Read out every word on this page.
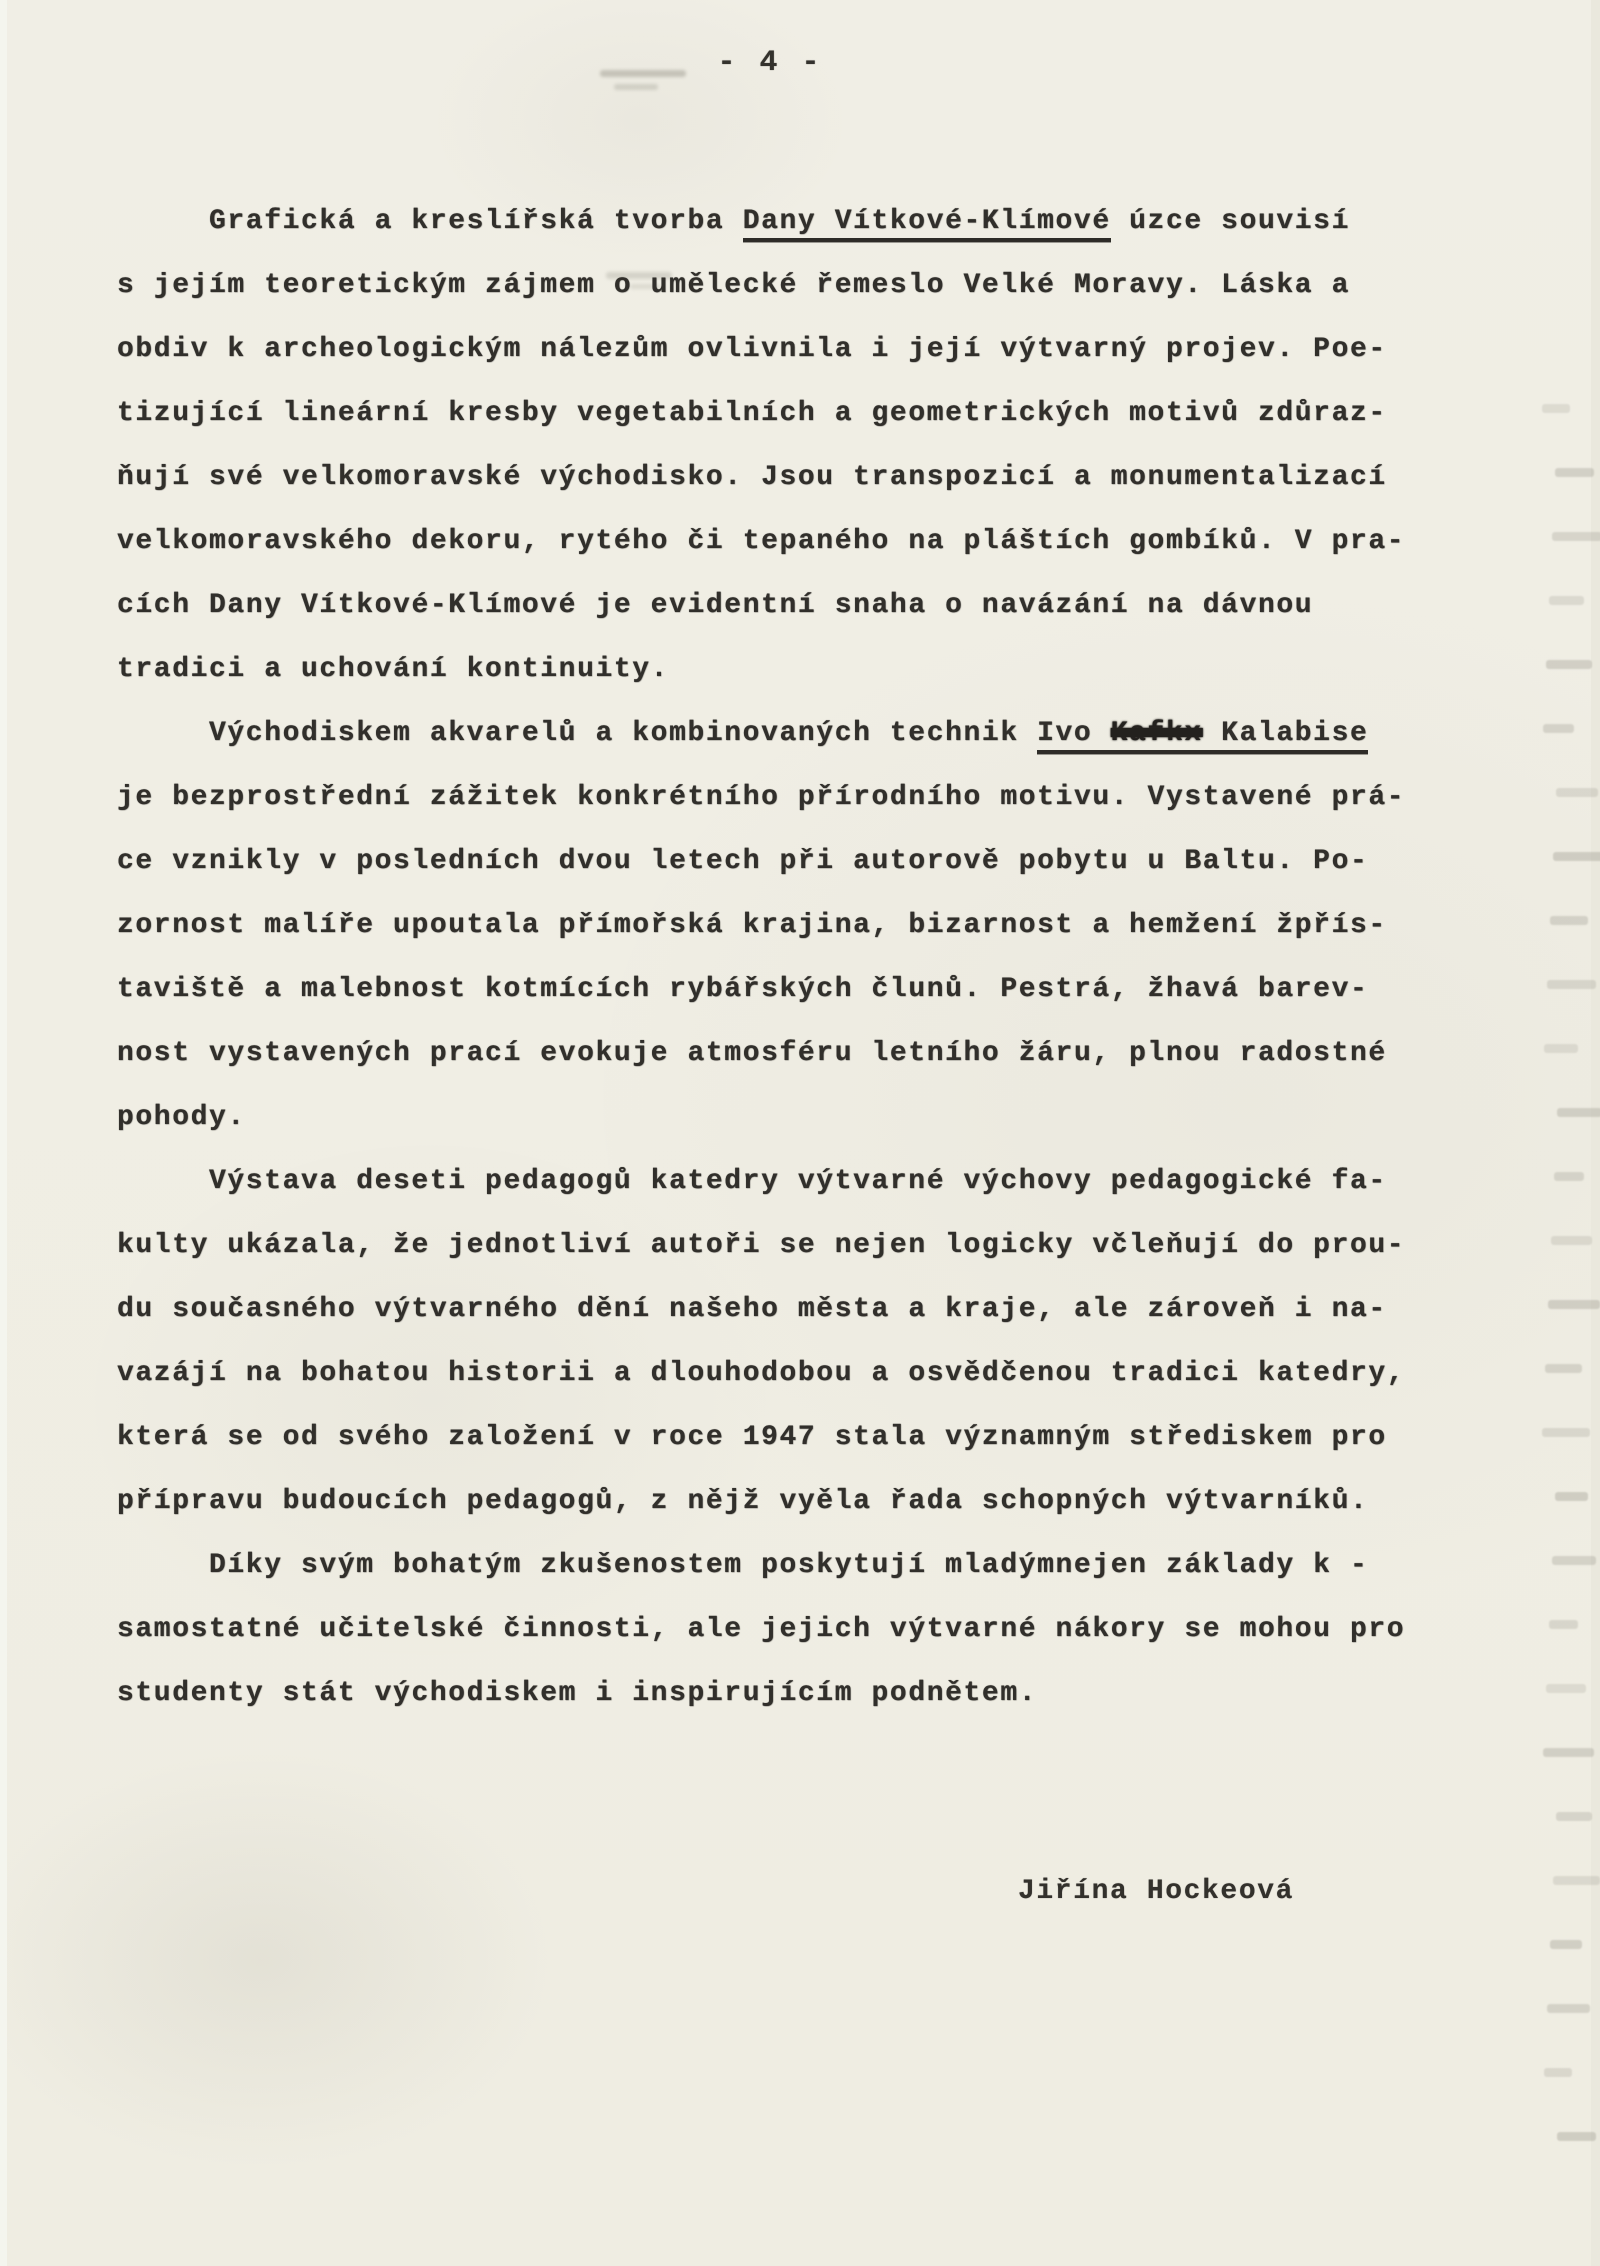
- 4 -
Grafická a kreslířská tvorba Dany Vítkové-Klímové úzce souvisí
s jejím teoretickým zájmem o umělecké řemeslo Velké Moravy. Láska a
obdiv k archeologickým nálezům ovlivnila i její výtvarný projev. Poe-
tizující lineární kresby vegetabilních a geometrických motivů zdůraz-
ňují své velkomoravské východisko. Jsou transpozicí a monumentalizací
velkomoravského dekoru, rytého či tepaného na pláštích gombíků. V pra-
cích Dany Vítkové-Klímové je evidentní snaha o navázání na dávnou
tradici a uchování kontinuity.
Východiskem akvarelů a kombinovaných technik Ivo Kafkx Kalabise
je bezprostřední zážitek konkrétního přírodního motivu. Vystavené prá-
ce vznikly v posledních dvou letech při autorově pobytu u Baltu. Po-
zornost malíře upoutala přímořská krajina, bizarnost a hemžení žpřís-
taviště a malebnost kotmících rybářských člunů. Pestrá, žhavá barev-
nost vystavených prací evokuje atmosféru letního žáru, plnou radostné
pohody.
Výstava deseti pedagogů katedry výtvarné výchovy pedagogické fa-
kulty ukázala, že jednotliví autoři se nejen logicky včleňují do prou-
du současného výtvarného dění našeho města a kraje, ale zároveň i na-
vazájí na bohatou historii a dlouhodobou a osvědčenou tradici katedry,
která se od svého založení v roce 1947 stala významným střediskem pro
přípravu budoucích pedagogů, z nějž vyěla řada schopných výtvarníků.
Díky svým bohatým zkušenostem poskytují mladýmnejen základy k -
samostatné učitelské činnosti, ale jejich výtvarné nákory se mohou pro
studenty stát východiskem i inspirujícím podnětem.
Jiřína Hockeová
